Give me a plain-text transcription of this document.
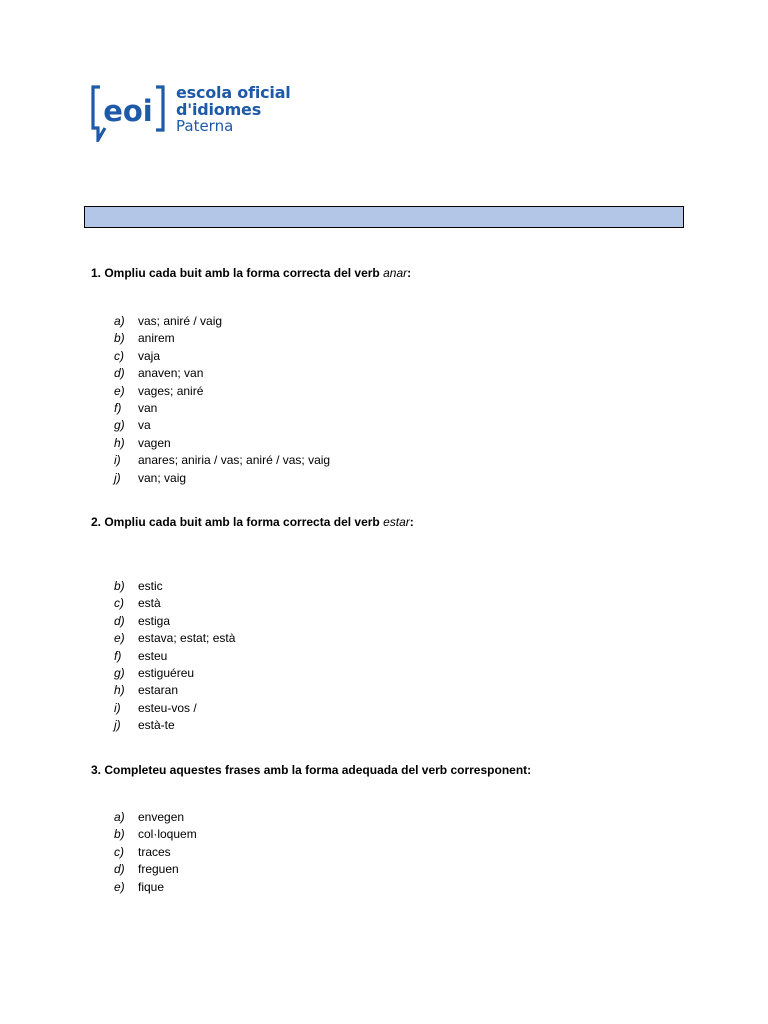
eoi
escola oficial
d'idiomes
Paterna

1. Ompliu cada buit amb la forma correcta del verb anar:

a) vas; aniré / vaig
b) anirem
c) vaja
d) anaven; van
e) vages; aniré
f) van
g) va
h) vagen
i) anares; aniria / vas; aniré / vas; vaig
j) van; vaig

2. Ompliu cada buit amb la forma correcta del verb estar:

b) estic
c) està
d) estiga
e) estava; estat; està
f) esteu
g) estiguéreu
h) estaran
i) esteu-vos /
j) està-te

3. Completeu aquestes frases amb la forma adequada del verb corresponent:

a) envegen
b) col·loquem
c) traces
d) freguen
e) fique
